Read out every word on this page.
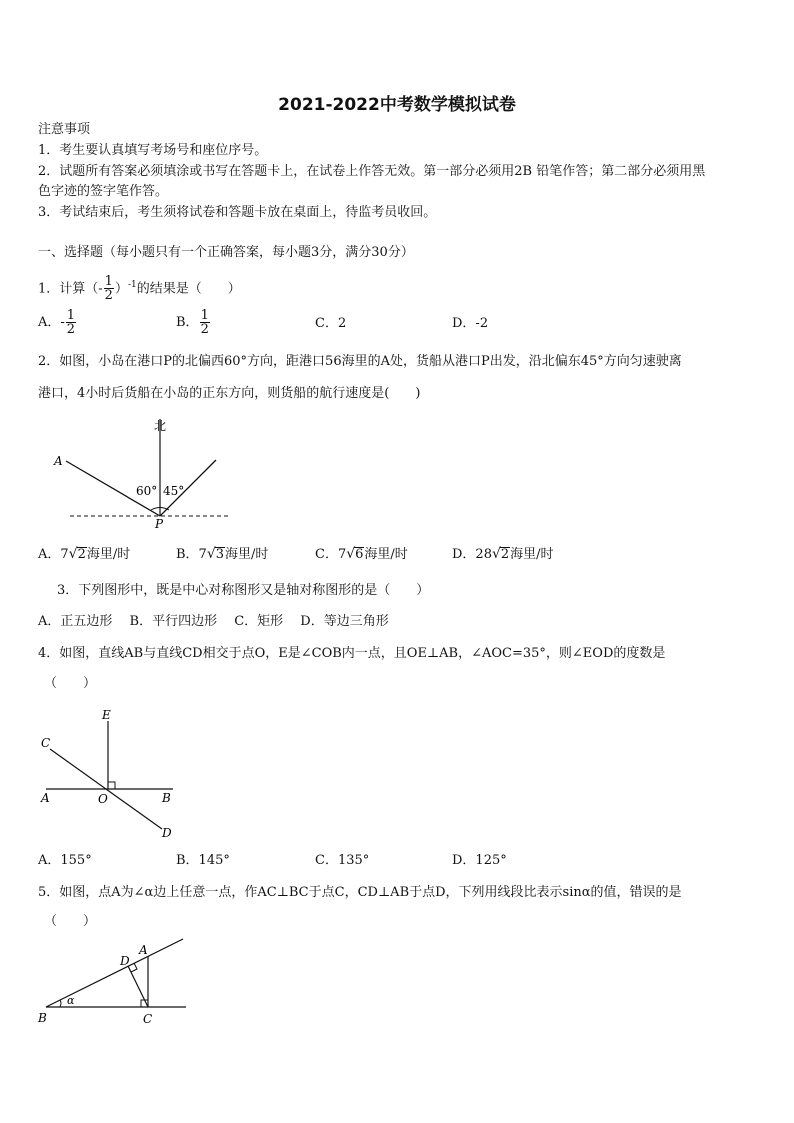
2021-2022中考数学模拟试卷
注意事项
1．考生要认真填写考场号和座位序号。
2．试题所有答案必须填涂或书写在答题卡上，在试卷上作答无效。第一部分必须用2B 铅笔作答；第二部分必须用黑
色字迹的签字笔作答。
3．考试结束后，考生须将试卷和答题卡放在桌面上，待监考员收回。
一、选择题（每小题只有一个正确答案，每小题3分，满分30分）
1．计算（- $\frac{1}{2} )^{-1}$的结果是（　　）
A．- $\frac{1}{2}$	B． $\frac{1}{2}$	C．2	D．-2
2．如图，小岛在港口P的北偏西60°方向，距港口56海里的A处，货船从港口P出发，沿北偏东45°方向匀速驶离
港口，4小时后货船在小岛的正东方向，则货船的航行速度是(　　)
北
A
P
60° 45°
A．7√2海里/时	B．7√3海里/时	C．7√6海里/时	D．28√2海里/时
3．下列图形中，既是中心对称图形又是轴对称图形的是（　　）
A．正五边形　 B．平行四边形　 C．矩形　 D．等边三角形
4．如图，直线AB与直线CD相交于点O，E是∠COB内一点，且OE⊥AB，∠AOC=35°，则∠EOD的度数是
（　　）
E
C
A	O	B
D
A．155°	B．145°	C．135°	D．125°
5．如图，点A为∠α边上任意一点，作AC⊥BC于点C，CD⊥AB于点D，下列用线段比表示sinα的值，错误的是
（　　）
D
A
B	C
α
